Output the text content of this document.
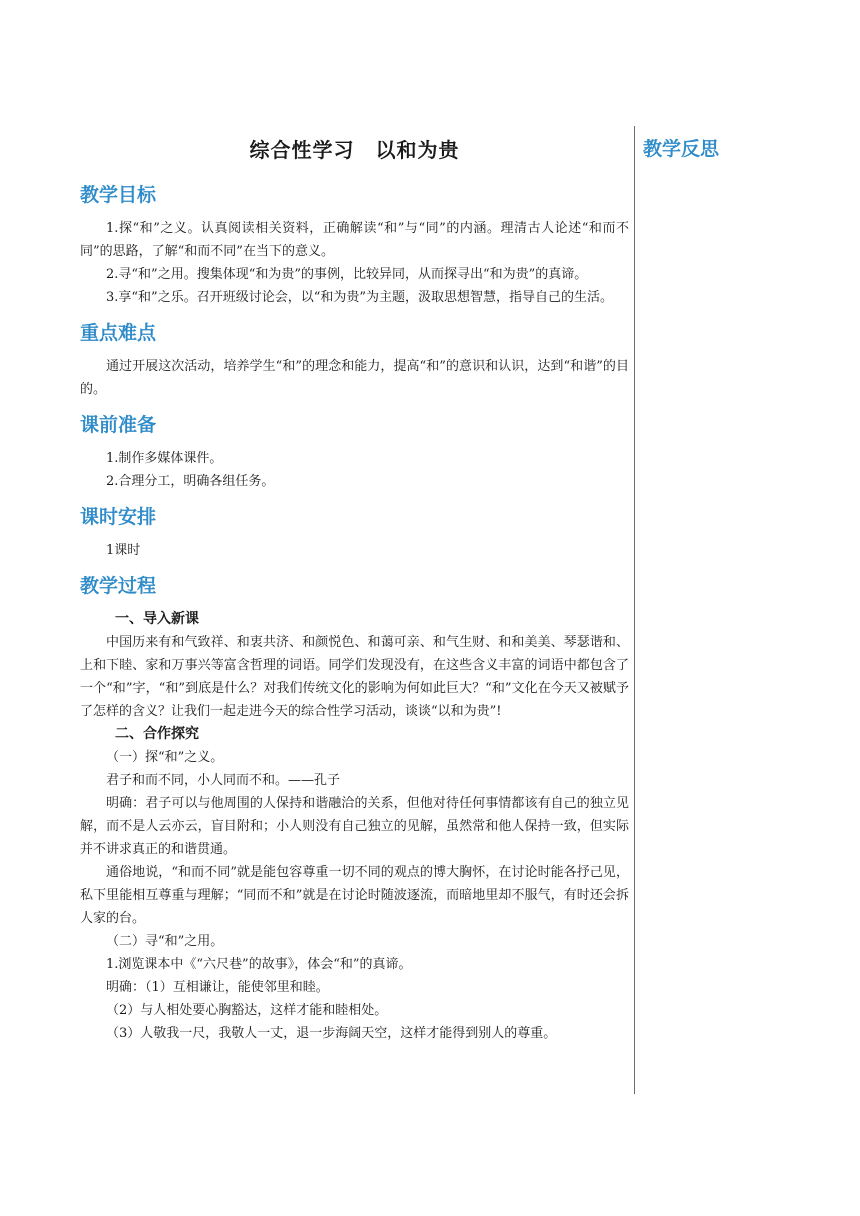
教学反思
综合性学习　以和为贵
教学目标

1.探“和”之义。认真阅读相关资料，正确解读“和”与“同”的内涵。理清古人论述“和而不同”的思路，了解“和而不同”在当下的意义。

2.寻“和”之用。搜集体现“和为贵”的事例，比较异同，从而探寻出“和为贵”的真谛。

3.享“和”之乐。召开班级讨论会，以“和为贵”为主题，汲取思想智慧，指导自己的生活。

重点难点

通过开展这次活动，培养学生“和”的理念和能力，提高“和”的意识和认识，达到“和谐”的目的。

课前准备

1.制作多媒体课件。

2.合理分工，明确各组任务。

课时安排

1课时

教学过程
一、导入新课

中国历来有和气致祥、和衷共济、和颜悦色、和蔼可亲、和气生财、和和美美、琴瑟谐和、上和下睦、家和万事兴等富含哲理的词语。同学们发现没有，在这些含义丰富的词语中都包含了一个“和”字，“和”到底是什么？对我们传统文化的影响为何如此巨大？“和”文化在今天又被赋予了怎样的含义？让我们一起走进今天的综合性学习活动，谈谈“以和为贵”!

二、合作探究

（一）探“和”之义。

君子和而不同，小人同而不和。——孔子

明确：君子可以与他周围的人保持和谐融洽的关系，但他对待任何事情都该有自己的独立见解，而不是人云亦云，盲目附和；小人则没有自己独立的见解，虽然常和他人保持一致，但实际并不讲求真正的和谐贯通。

通俗地说，“和而不同”就是能包容尊重一切不同的观点的博大胸怀，在讨论时能各抒己见，私下里能相互尊重与理解；“同而不和”就是在讨论时随波逐流，而暗地里却不服气，有时还会拆人家的台。

（二）寻“和”之用。

1.浏览课本中《“六尺巷”的故事》，体会“和”的真谛。

明确：（1）互相谦让，能使邻里和睦。

（2）与人相处要心胸豁达，这样才能和睦相处。

（3）人敬我一尺，我敬人一丈，退一步海阔天空，这样才能得到别人的尊重。
